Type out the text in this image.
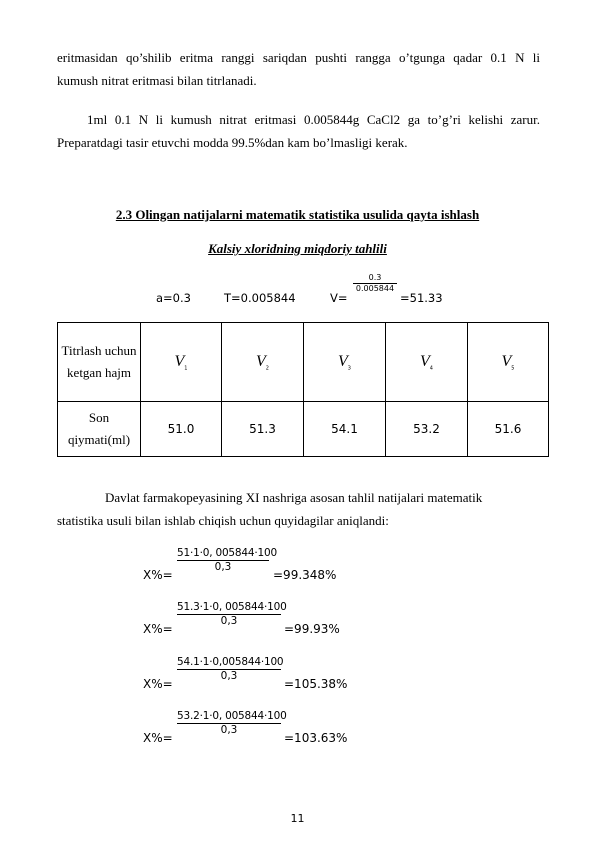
eritmasidan qo’shilib eritma ranggi sariqdan pushti rangga o’tgunga qadar 0.1 N li
kumush nitrat eritmasi bilan titrlanadi.
1ml 0.1 N li kumush nitrat eritmasi 0.005844g CaCl2 ga to’g’ri kelishi zarur.
Preparatdagi tasir etuvchi modda 99.5%dan kam bo’lmasligi kerak.
2.3 Olingan natijalarni matematik statistika usulida qayta ishlash
Kalsiy xloridning miqdoriy tahlili
a=0.3	T=0.005844	V=
0.3
0.005844
=51.33
Titrlash uchun ketgan hajm	$V_1$	$V_2$	$V_3$	$V_4$	$V_5$
Son qiymati(ml)	51.0	51.3	54.1	53.2	51.6
Davlat farmakopeyasining XI nashriga asosan tahlil natijalari matematik
statistika usuli bilan ishlab chiqish uchun quyidagilar aniqlandi:
X%=
51·1·0, 005844·100
0,3
=99.348%
X%=
51.3·1·0, 005844·100
0,3
=99.93%
X%=
54.1·1·0,005844·100
0,3
=105.38%
X%=
53.2·1·0, 005844·100
0,3
=103.63%
11
